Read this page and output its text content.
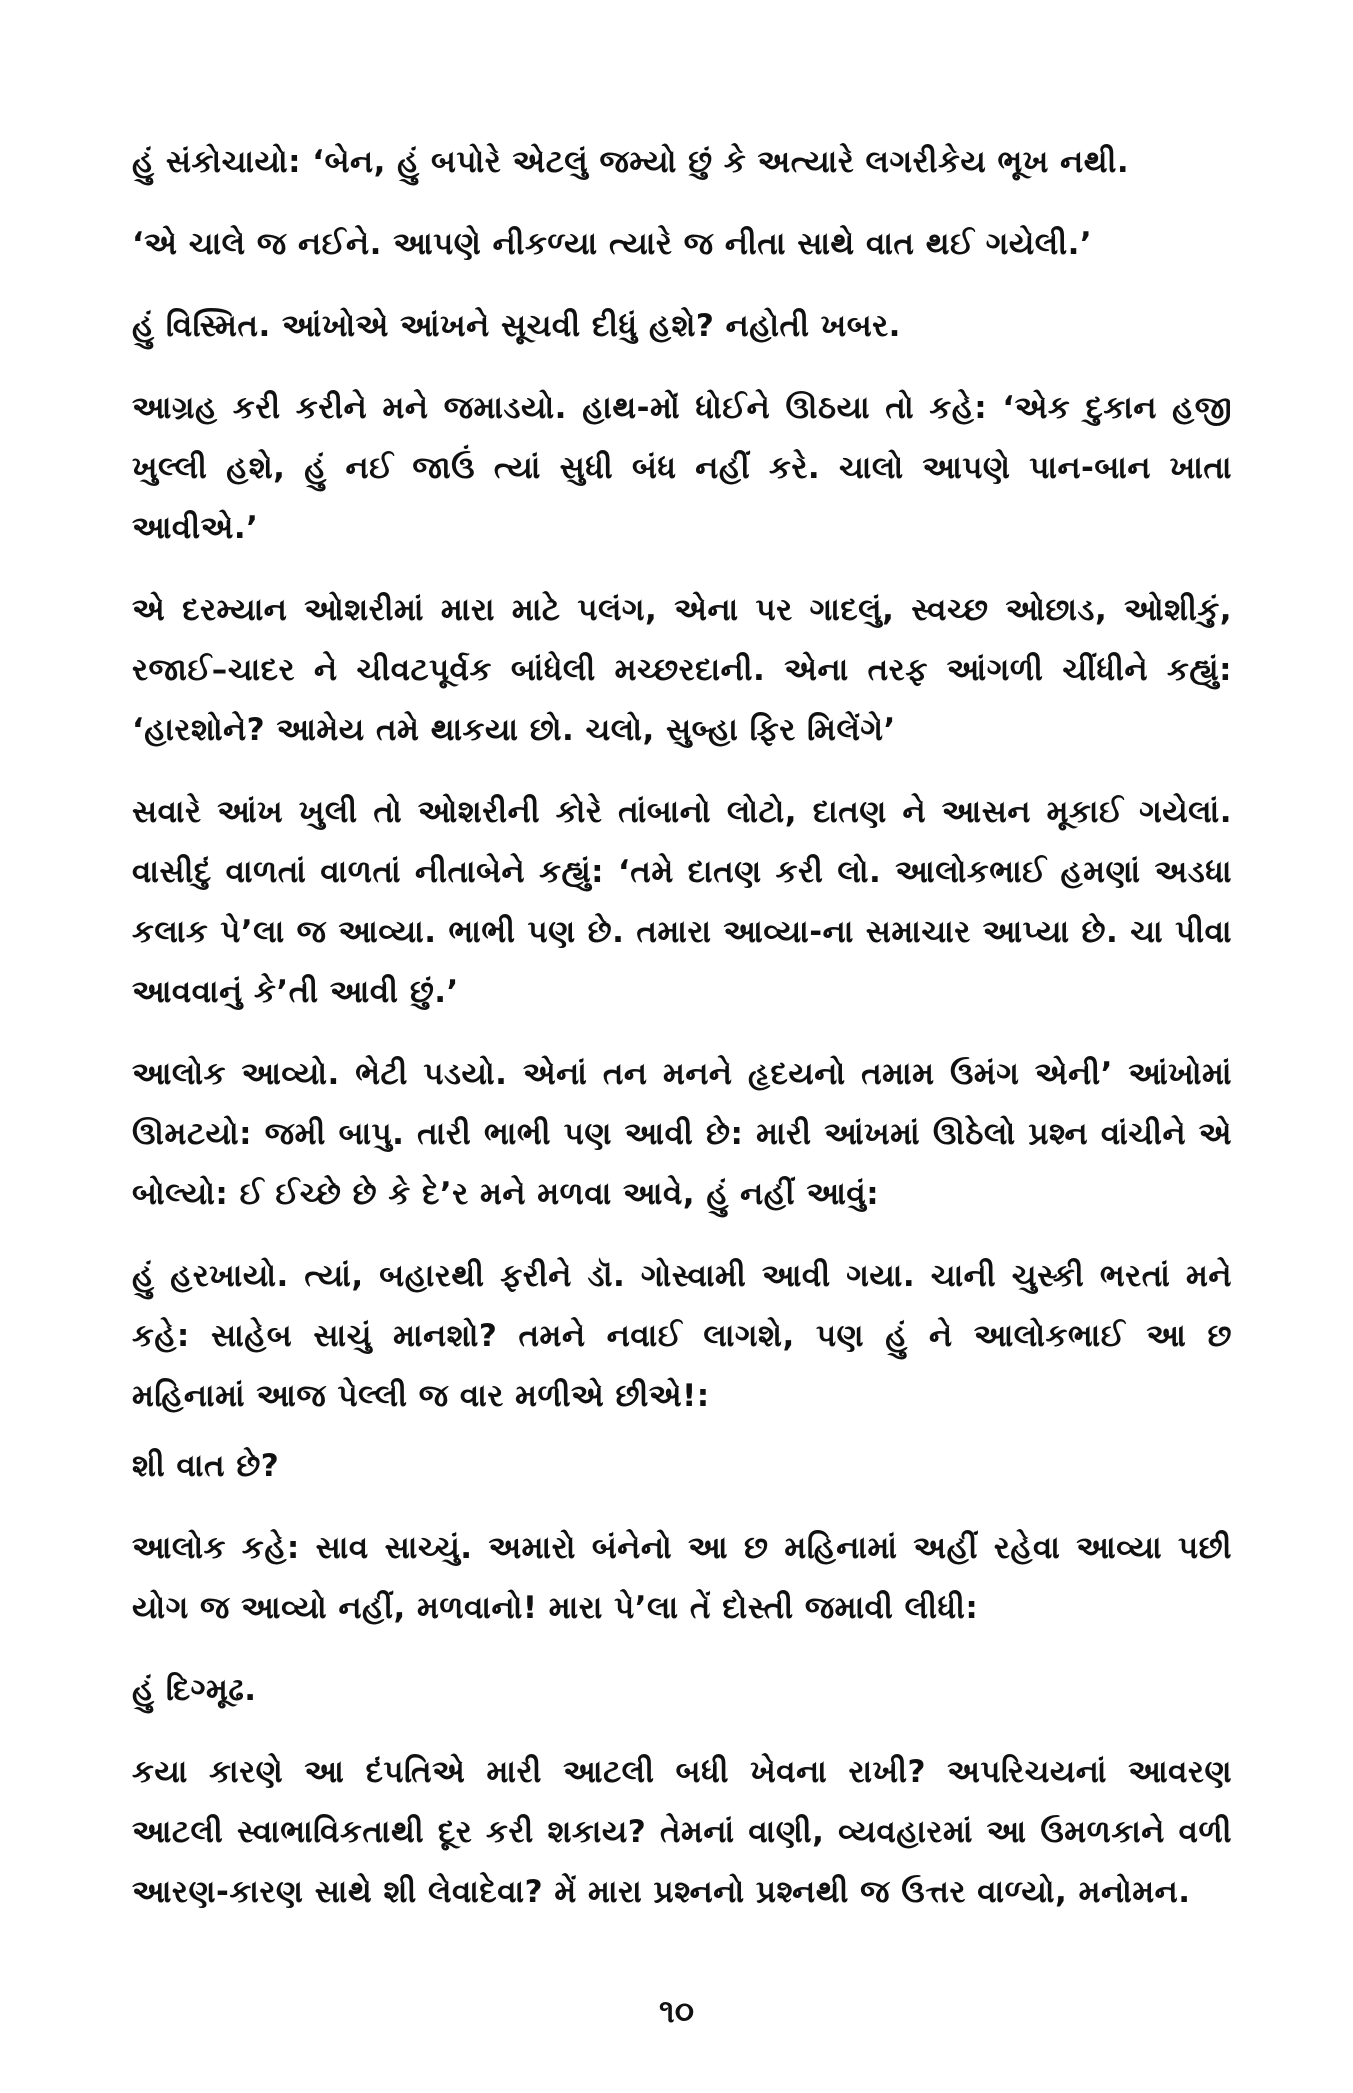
હું સંકોચાયો: ‘બેન, હું બપોરે એટલું જમ્યો છું કે અત્યારે લગરીકેય ભૂખ નથી.

‘એ ચાલે જ નઈને. આપણે નીકળ્યા ત્યારે જ નીતા સાથે વાત થઈ ગયેલી.’

હું વિસ્મિત. આંખોએ આંખને સૂચવી દીધું હશે? નહોતી ખબર.

આગ્રહ કરી કરીને મને જમાડયો. હાથ-મોં ધોઈને ઊઠયા તો કહે: ‘એક દુકાન હજી ખુલ્લી હશે, હું નઈ જાઉં ત્યાં સુધી બંધ નહીં કરે. ચાલો આપણે પાન-બાન ખાતા આવીએ.’

એ દરમ્યાન ઓશરીમાં મારા માટે પલંગ, એના પર ગાદલું, સ્વચ્છ ઓછાડ, ઓશીકું, રજાઈ–ચાદર ને ચીવટપૂર્વક બાંધેલી મચ્છરદાની. એના તરફ આંગળી ચીંધીને કહ્યું: ‘હારશોને? આમેય તમે થાકયા છો. ચલો, સુબ્હા ફિર મિલેંગે’

સવારે આંખ ખુલી તો ઓશરીની કોરે તાંબાનો લોટો, દાતણ ને આસન મૂકાઈ ગયેલાં. વાસીદું વાળતાં વાળતાં નીતાબેને કહ્યું: ‘તમે દાતણ કરી લો. આલોકભાઈ હમણાં અડધા કલાક પે’લા જ આવ્યા. ભાભી પણ છે. તમારા આવ્યા-ના સમાચાર આપ્યા છે. ચા પીવા આવવાનું કે’તી આવી છું.’

આલોક આવ્યો. ભેટી પડયો. એનાં તન મનને હૃદયનો તમામ ઉમંગ એની’ આંખોમાં ઊમટયો: જમી બાપુ. તારી ભાભી પણ આવી છે: મારી આંખમાં ઊઠેલો પ્રશ્ન વાંચીને એ બોલ્યો: ઈ ઈચ્છે છે કે દે’ર મને મળવા આવે, હું નહીં આવું:

હું હરખાયો. ત્યાં, બહારથી ફરીને ડૉ. ગોસ્વામી આવી ગયા. ચાની ચુસ્કી ભરતાં મને કહે: સાહેબ સાચું માનશો? તમને નવાઈ લાગશે, પણ હું ને આલોકભાઈ આ છ મહિનામાં આજ પેલ્લી જ વાર મળીએ છીએ!:

શી વાત છે?

આલોક કહે: સાવ સાચ્ચું. અમારો બંનેનો આ છ મહિનામાં અહીં રહેવા આવ્યા પછી યોગ જ આવ્યો નહીં, મળવાનો! મારા પે’લા તેં દોસ્તી જમાવી લીધી:

હું દિગ્મૂઢ.

કયા કારણે આ દંપતિએ મારી આટલી બધી ખેવના રાખી? અપરિચયનાં આવરણ આટલી સ્વાભાવિકતાથી દૂર કરી શકાય? તેમનાં વાણી, વ્યવહારમાં આ ઉમળકાને વળી આરણ-કારણ સાથે શી લેવાદેવા? મેં મારા પ્રશ્નનો પ્રશ્નથી જ ઉત્તર વાળ્યો, મનોમન.

૧૦
